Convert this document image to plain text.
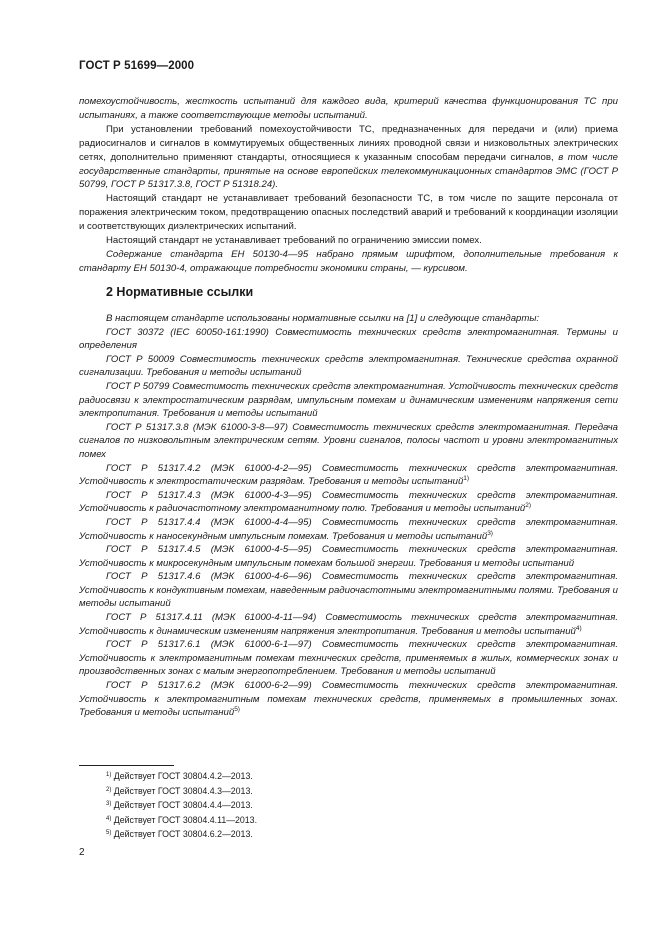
ГОСТ Р 51699—2000

помехоустойчивость, жесткость испытаний для каждого вида, критерий качества функционирования ТС при испытаниях, а также соответствующие методы испытаний.

При установлении требований помехоустойчивости ТС, предназначенных для передачи и (или) приема радиосигналов и сигналов в коммутируемых общественных линиях проводной связи и низковольтных электрических сетях, дополнительно применяют стандарты, относящиеся к указанным способам передачи сигналов, в том числе государственные стандарты, принятые на основе европейских телекоммуникационных стандартов ЭМС (ГОСТ Р 50799, ГОСТ Р 51317.3.8, ГОСТ Р 51318.24).

Настоящий стандарт не устанавливает требований безопасности ТС, в том числе по защите персонала от поражения электрическим током, предотвращению опасных последствий аварий и требований к координации изоляции и соответствующих диэлектрических испытаний.

Настоящий стандарт не устанавливает требований по ограничению эмиссии помех.

Содержание стандарта ЕН 50130-4—95 набрано прямым шрифтом, дополнительные требования к стандарту ЕН 50130-4, отражающие потребности экономики страны, — курсивом.

2 Нормативные ссылки

В настоящем стандарте использованы нормативные ссылки на [1] и следующие стандарты:

ГОСТ 30372 (IEC 60050-161:1990) Совместимость технических средств электромагнитная. Термины и определения

ГОСТ Р 50009 Совместимость технических средств электромагнитная. Технические средства охранной сигнализации. Требования и методы испытаний

ГОСТ Р 50799 Совместимость технических средств электромагнитная. Устойчивость технических средств радиосвязи к электростатическим разрядам, импульсным помехам и динамическим изменениям напряжения сети электропитания. Требования и методы испытаний

ГОСТ Р 51317.3.8 (МЭК 61000-3-8—97) Совместимость технических средств электромагнитная. Передача сигналов по низковольтным электрическим сетям. Уровни сигналов, полосы частот и уровни электромагнитных помех

ГОСТ Р 51317.4.2 (МЭК 61000-4-2—95) Совместимость технических средств электромагнитная. Устойчивость к электростатическим разрядам. Требования и методы испытаний$^{1)}$

ГОСТ Р 51317.4.3 (МЭК 61000-4-3—95) Совместимость технических средств электромагнитная. Устойчивость к радиочастотному электромагнитному полю. Требования и методы испытаний$^{2)}$

ГОСТ Р 51317.4.4 (МЭК 61000-4-4—95) Совместимость технических средств электромагнитная. Устойчивость к наносекундным импульсным помехам. Требования и методы испытаний$^{3)}$

ГОСТ Р 51317.4.5 (МЭК 61000-4-5—95) Совместимость технических средств электромагнитная. Устойчивость к микросекундным импульсным помехам большой энергии. Требования и методы испытаний

ГОСТ Р 51317.4.6 (МЭК 61000-4-6—96) Совместимость технических средств электромагнитная. Устойчивость к кондуктивным помехам, наведенным радиочастотными электромагнитными полями. Требования и методы испытаний

ГОСТ Р 51317.4.11 (МЭК 61000-4-11—94) Совместимость технических средств электромагнитная. Устойчивость к динамическим изменениям напряжения электропитания. Требования и методы испытаний$^{4)}$

ГОСТ Р 51317.6.1 (МЭК 61000-6-1—97) Совместимость технических средств электромагнитная. Устойчивость к электромагнитным помехам технических средств, применяемых в жилых, коммерческих зонах и производственных зонах с малым энергопотреблением. Требования и методы испытаний

ГОСТ Р 51317.6.2 (МЭК 61000-6-2—99) Совместимость технических средств электромагнитная. Устойчивость к электромагнитным помехам технических средств, применяемых в промышленных зонах. Требования и методы испытаний$^{5)}$

$^{1)}$ Действует ГОСТ 30804.4.2—2013.
$^{2)}$ Действует ГОСТ 30804.4.3—2013.
$^{3)}$ Действует ГОСТ 30804.4.4—2013.
$^{4)}$ Действует ГОСТ 30804.4.11—2013.
$^{5)}$ Действует ГОСТ 30804.6.2—2013.
2
